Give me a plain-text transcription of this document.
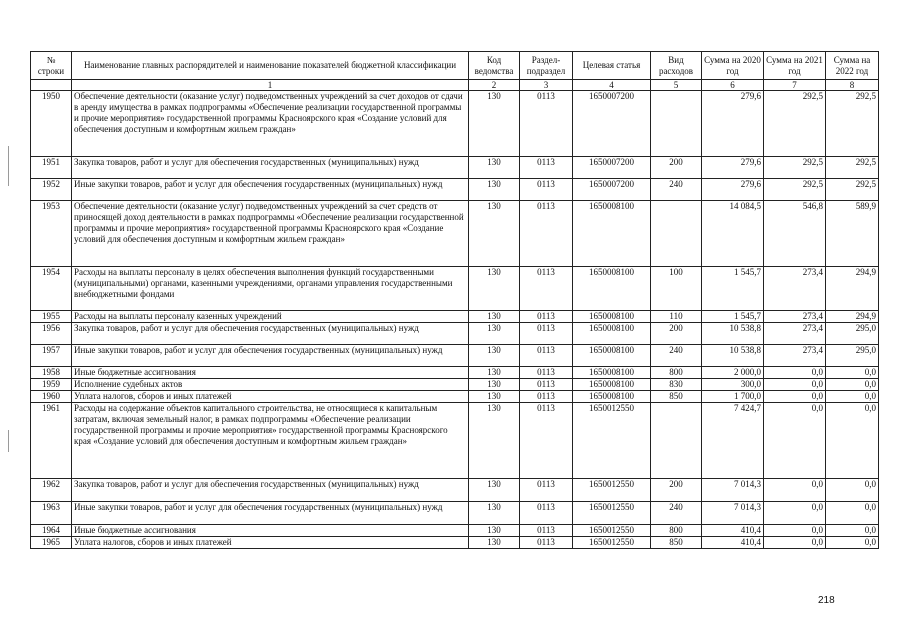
№ строки	Наименование главных распорядителей и наименование показателей бюджетной классификации	Код ведомства	Раздел-подраздел	Целевая статья	Вид расходов	Сумма на 2020 год	Сумма на 2021 год	Сумма на 2022 год
	1	2	3	4	5	6	7	8
1950	Обеспечение деятельности (оказание услуг) подведомственных учреждений за счет доходов от сдачи в аренду имущества в рамках подпрограммы «Обеспечение реализации государственной программы и прочие мероприятия» государственной программы Красноярского края «Создание условий для обеспечения доступным и комфортным жильем граждан»	130	0113	1650007200		279,6	292,5	292,5
1951	Закупка товаров, работ и услуг для обеспечения государственных (муниципальных) нужд	130	0113	1650007200	200	279,6	292,5	292,5
1952	Иные закупки товаров, работ и услуг для обеспечения государственных (муниципальных) нужд	130	0113	1650007200	240	279,6	292,5	292,5
1953	Обеспечение деятельности (оказание услуг) подведомственных учреждений за счет средств от приносящей доход деятельности в рамках подпрограммы «Обеспечение реализации государственной программы и прочие мероприятия» государственной программы Красноярского края «Создание условий для обеспечения доступным и комфортным жильем граждан»	130	0113	1650008100		14 084,5	546,8	589,9
1954	Расходы на выплаты персоналу в целях обеспечения выполнения функций государственными (муниципальными) органами, казенными учреждениями, органами управления государственными внебюджетными фондами	130	0113	1650008100	100	1 545,7	273,4	294,9
1955	Расходы на выплаты персоналу казенных учреждений	130	0113	1650008100	110	1 545,7	273,4	294,9
1956	Закупка товаров, работ и услуг для обеспечения государственных (муниципальных) нужд	130	0113	1650008100	200	10 538,8	273,4	295,0
1957	Иные закупки товаров, работ и услуг для обеспечения государственных (муниципальных) нужд	130	0113	1650008100	240	10 538,8	273,4	295,0
1958	Иные бюджетные ассигнования	130	0113	1650008100	800	2 000,0	0,0	0,0
1959	Исполнение судебных актов	130	0113	1650008100	830	300,0	0,0	0,0
1960	Уплата налогов, сборов и иных платежей	130	0113	1650008100	850	1 700,0	0,0	0,0
1961	Расходы на содержание объектов капитального строительства, не относящиеся к капитальным затратам, включая земельный налог, в рамках подпрограммы «Обеспечение реализации государственной программы и прочие мероприятия» государственной программы Красноярского края «Создание условий для обеспечения доступным и комфортным жильем граждан»	130	0113	1650012550		7 424,7	0,0	0,0
1962	Закупка товаров, работ и услуг для обеспечения государственных (муниципальных) нужд	130	0113	1650012550	200	7 014,3	0,0	0,0
1963	Иные закупки товаров, работ и услуг для обеспечения государственных (муниципальных) нужд	130	0113	1650012550	240	7 014,3	0,0	0,0
1964	Иные бюджетные ассигнования	130	0113	1650012550	800	410,4	0,0	0,0
1965	Уплата налогов, сборов и иных платежей	130	0113	1650012550	850	410,4	0,0	0,0
218
